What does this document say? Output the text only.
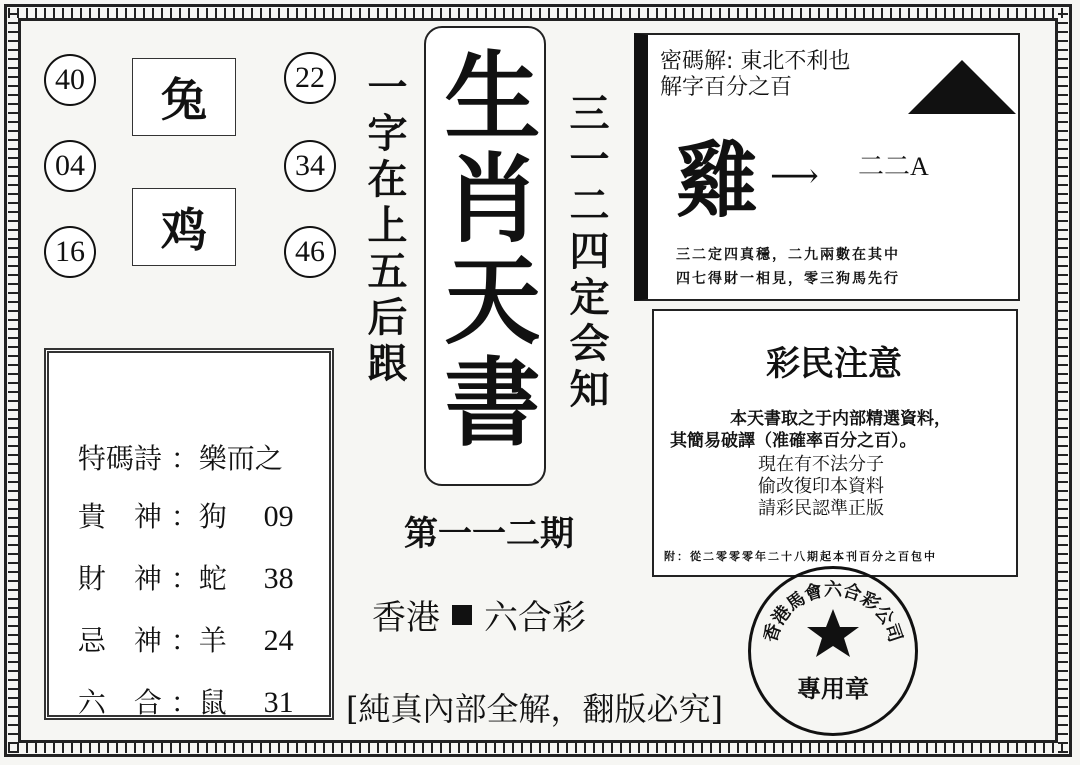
40
04
16
兔
鸡
22
34
46 一字在上五后跟 生肖天書 三一二四定会知
第一一二期
香港 六合彩
[純真內部全解，翻版必究]

特碼詩 ：樂而之

貴　神 ：狗　 09

財　神 ：蛇　 38

忌　神 ：羊　 24

六　合 ：鼠　 31

密碼解: 東北不利也
解字百分之百
雞 ⟶ 二二A
三二定四真穩，二九兩數在其中
四七得財一相見，零三狗馬先行
彩民注意
本天書取之于内部精選資料，
其簡易破譯（准確率百分之百）。
現在有不法分子
偷改復印本資料
請彩民認準正版
附：從二零零零年二十八期起本刊百分之百包中
香港馬會六合彩公司
專用章
